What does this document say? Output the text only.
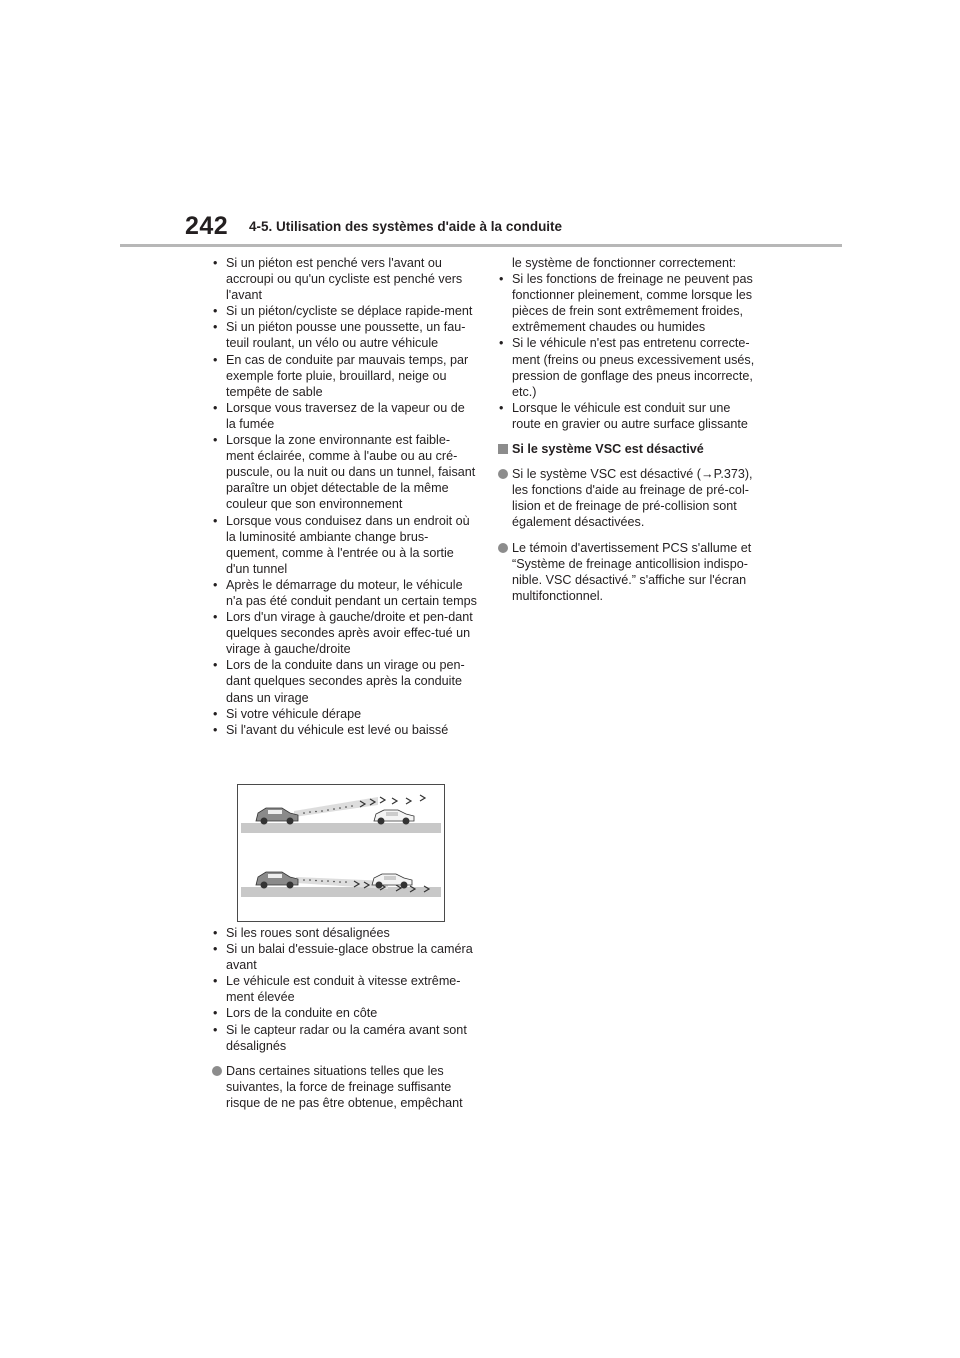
242 4-5. Utilisation des systèmes d'aide à la conduite
• Si un piéton est penché vers l'avant ou accroupi ou qu'un cycliste est penché vers l'avant
• Si un piéton/cycliste se déplace rapide-ment
• Si un piéton pousse une poussette, un fau-teuil roulant, un vélo ou autre véhicule
• En cas de conduite par mauvais temps, par exemple forte pluie, brouillard, neige ou tempête de sable
• Lorsque vous traversez de la vapeur ou de la fumée
• Lorsque la zone environnante est faible-ment éclairée, comme à l'aube ou au cré-puscule, ou la nuit ou dans un tunnel, faisant paraître un objet détectable de la même couleur que son environnement
• Lorsque vous conduisez dans un endroit où la luminosité ambiante change brus-quement, comme à l'entrée ou à la sortie d'un tunnel
• Après le démarrage du moteur, le véhicule n'a pas été conduit pendant un certain temps
• Lors d'un virage à gauche/droite et pen-dant quelques secondes après avoir effec-tué un virage à gauche/droite
• Lors de la conduite dans un virage ou pen-dant quelques secondes après la conduite dans un virage
• Si votre véhicule dérape
• Si l'avant du véhicule est levé ou baissé
• Si les roues sont désalignées
• Si un balai d'essuie-glace obstrue la caméra avant
• Le véhicule est conduit à vitesse extrême-ment élevée
• Lors de la conduite en côte
• Si le capteur radar ou la caméra avant sont désalignés
Dans certaines situations telles que les suivantes, la force de freinage suffisante risque de ne pas être obtenue, empêchant
le système de fonctionner correctement:
• Si les fonctions de freinage ne peuvent pas fonctionner pleinement, comme lorsque les pièces de frein sont extrêmement froides, extrêmement chaudes ou humides
• Si le véhicule n'est pas entretenu correcte-ment (freins ou pneus excessivement usés, pression de gonflage des pneus incorrecte, etc.)
• Lorsque le véhicule est conduit sur une route en gravier ou autre surface glissante
Si le système VSC est désactivé
Si le système VSC est désactivé (→P.373), les fonctions d'aide au freinage de pré-col-lision et de freinage de pré-collision sont également désactivées.
Le témoin d'avertissement PCS s'allume et “Système de freinage anticollision indispo-nible. VSC désactivé.” s'affiche sur l'écran multifonctionnel.
